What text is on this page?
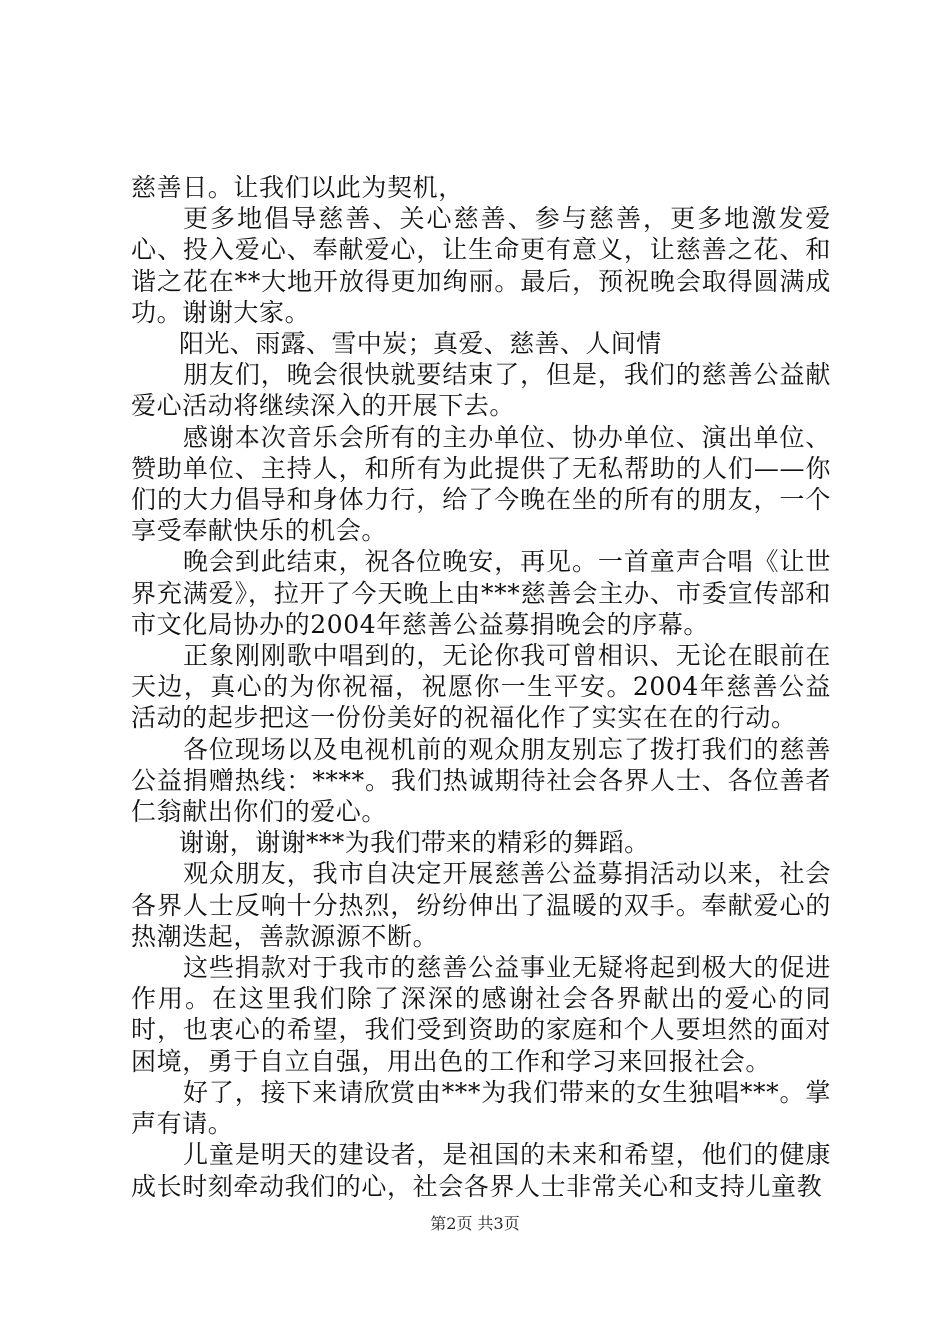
慈善日。让我们以此为契机，

更多地倡导慈善、关心慈善、参与慈善，更多地激发爱心、投入爱心、奉献爱心，让生命更有意义，让慈善之花、和谐之花在**大地开放得更加绚丽。最后，预祝晚会取得圆满成功。谢谢大家。

阳光、雨露、雪中炭；真爱、慈善、人间情

朋友们，晚会很快就要结束了，但是，我们的慈善公益献爱心活动将继续深入的开展下去。

感谢本次音乐会所有的主办单位、协办单位、演出单位、赞助单位、主持人，和所有为此提供了无私帮助的人们——你们的大力倡导和身体力行，给了今晚在坐的所有的朋友，一个享受奉献快乐的机会。

晚会到此结束，祝各位晚安，再见。一首童声合唱《让世界充满爱》，拉开了今天晚上由***慈善会主办、市委宣传部和市文化局协办的2004年慈善公益募捐晚会的序幕。

正象刚刚歌中唱到的，无论你我可曾相识、无论在眼前在天边，真心的为你祝福，祝愿你一生平安。2004年慈善公益活动的起步把这一份份美好的祝福化作了实实在在的行动。

各位现场以及电视机前的观众朋友别忘了拨打我们的慈善公益捐赠热线：****。我们热诚期待社会各界人士、各位善者仁翁献出你们的爱心。

谢谢，谢谢***为我们带来的精彩的舞蹈。

观众朋友，我市自决定开展慈善公益募捐活动以来，社会各界人士反响十分热烈，纷纷伸出了温暖的双手。奉献爱心的热潮迭起，善款源源不断。

这些捐款对于我市的慈善公益事业无疑将起到极大的促进作用。在这里我们除了深深的感谢社会各界献出的爱心的同时，也衷心的希望，我们受到资助的家庭和个人要坦然的面对困境，勇于自立自强，用出色的工作和学习来回报社会。

好了，接下来请欣赏由***为我们带来的女生独唱***。掌声有请。

儿童是明天的建设者，是祖国的未来和希望，他们的健康成长时刻牵动我们的心，社会各界人士非常关心和支持儿童教

第2页 共3页
